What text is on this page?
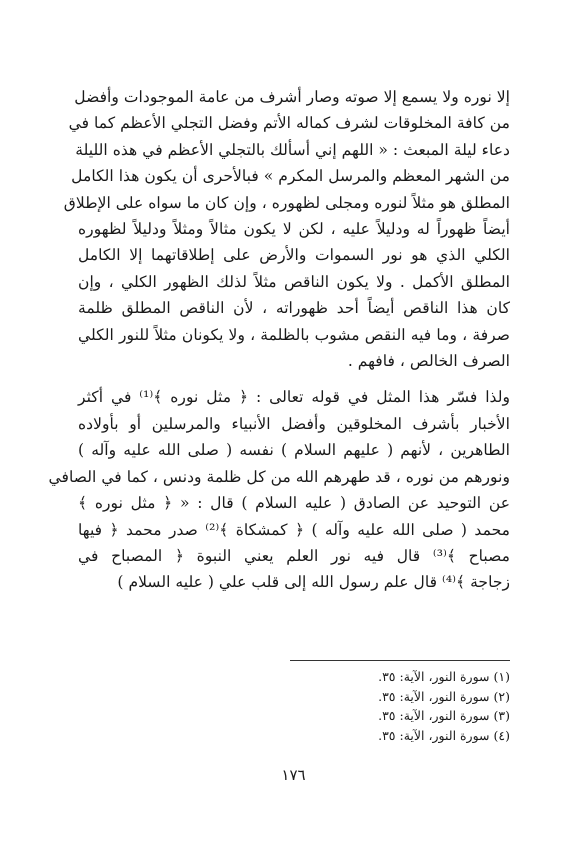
إلا نوره ولا يسمع إلا صوته وصار أشرف من عامة الموجودات وأفضل

من كافة المخلوقات لشرف كماله الأتم وفضل التجلي الأعظم كما في

دعاء ليلة المبعث : « اللهم إني أسألك بالتجلي الأعظم في هذه الليلة

من الشهر المعظم والمرسل المكرم » فبالأحرى أن يكون هذا الكامل

المطلق هو مثلاً لنوره ومجلى لظهوره ، وإن كان ما سواه على الإطلاق

أيضاً ظهوراً له ودليلاً عليه ، لكن لا يكون مثالاً ومثلاً ودليلاً لظهوره

الكلي الذي هو نور السموات والأرض على إطلاقاتهما إلا الكامل

المطلق الأكمل . ولا يكون الناقص مثلاً لذلك الظهور الكلي ، وإن

كان هذا الناقص أيضاً أحد ظهوراته ، لأن الناقص المطلق ظلمة

صرفة ، وما فيه النقص مشوب بالظلمة ، ولا يكونان مثلاً للنور الكلي

الصرف الخالص ، فافهم .

ولذا فسّر هذا المثل في قوله تعالى : ﴿ مثل نوره ﴾⁽¹⁾ في أكثر

الأخبار بأشرف المخلوقين وأفضل الأنبياء والمرسلين أو بأولاده

الطاهرين ، لأنهم ( عليهم السلام ) نفسه ( صلى الله عليه وآله )

ونورهم من نوره ، قد طهرهم الله من كل ظلمة ودنس ، كما في الصافي

عن التوحيد عن الصادق ( عليه السلام ) قال : « ﴿ مثل نوره ﴾

محمد ( صلى الله عليه وآله ) ﴿ كمشكاة ﴾⁽²⁾ صدر محمد ﴿ فيها

مصباح ﴾⁽³⁾ قال فيه نور العلم يعني النبوة ﴿ المصباح في

زجاجة ﴾⁽⁴⁾ قال علم رسول الله إلى قلب علي ( عليه السلام )

(١) سورة النور، الآية: ٣٥.

(٢) سورة النور، الآية: ٣٥.

(٣) سورة النور، الآية: ٣٥.

(٤) سورة النور، الآية: ٣٥.

١٧٦
